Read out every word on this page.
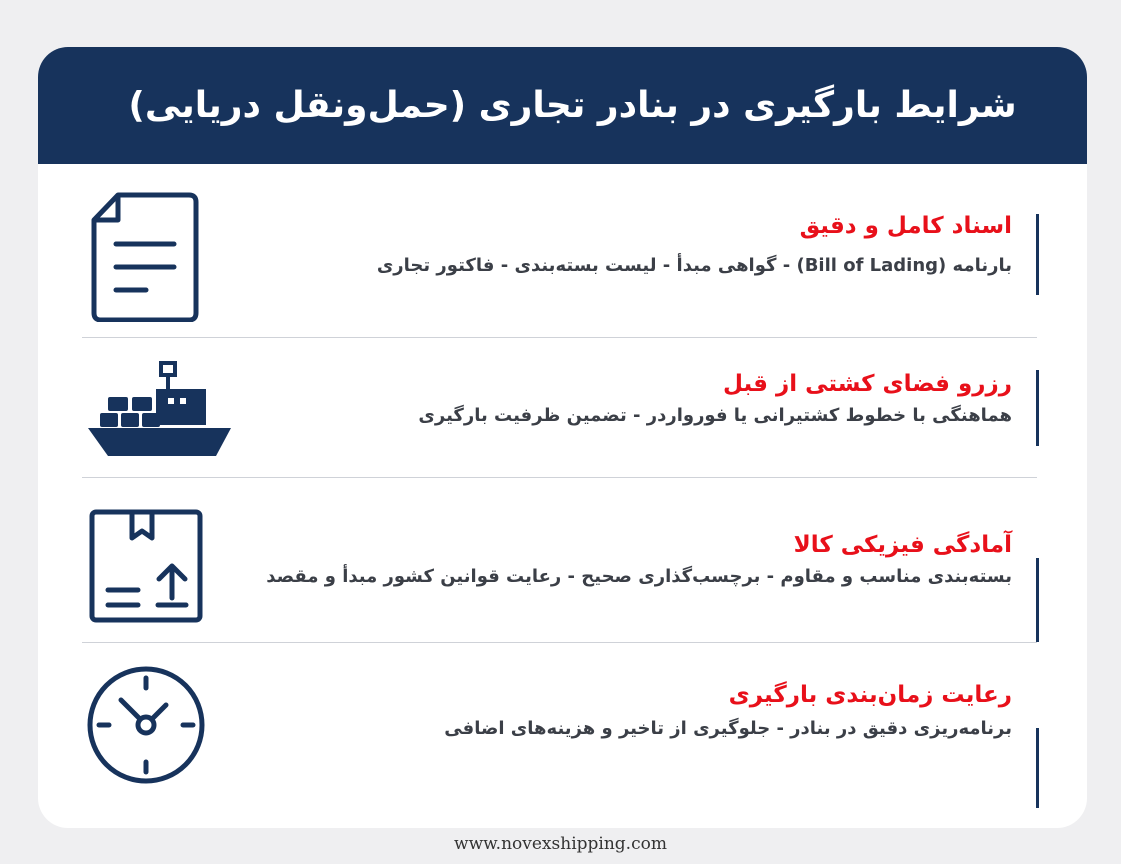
شرایط بارگیری در بنادر تجاری (حمل‌ونقل دریایی)
اسناد کامل و دقیق
بارنامه (Bill of Lading) - گواهی مبدأ - لیست بسته‌بندی - فاکتور تجاری
رزرو فضای کشتی از قبل
هماهنگی با خطوط کشتیرانی یا فورواردر - تضمین ظرفیت بارگیری
آمادگی فیزیکی کالا
بسته‌بندی مناسب و مقاوم - برچسب‌گذاری صحیح - رعایت قوانین کشور مبدأ و مقصد
رعایت زمان‌بندی بارگیری
برنامه‌ریزی دقیق در بنادر - جلوگیری از تاخیر و هزینه‌های اضافی
www.novexshipping.com
